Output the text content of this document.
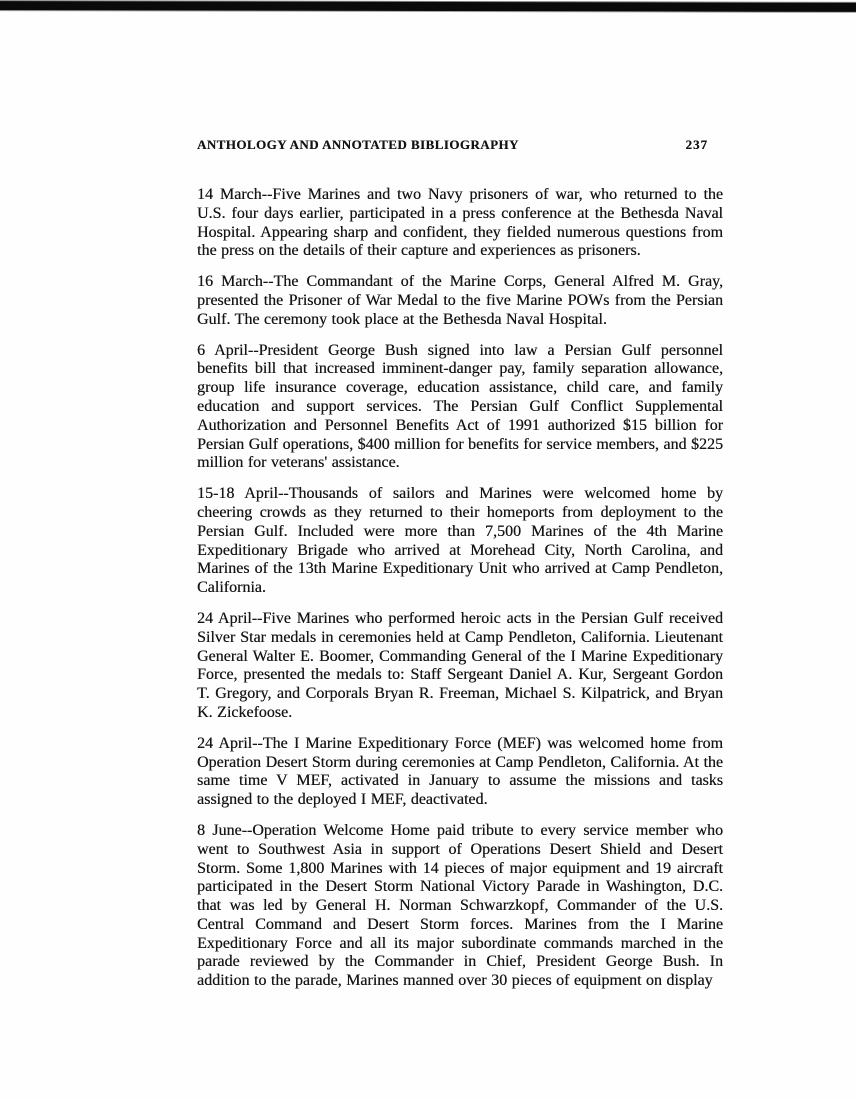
ANTHOLOGY AND ANNOTATED BIBLIOGRAPHY	237

14 March--Five Marines and two Navy prisoners of war, who returned to the U.S. four days earlier, participated in a press conference at the Bethesda Naval Hospital. Appearing sharp and confident, they fielded numerous questions from the press on the details of their capture and experiences as prisoners.

16 March--The Commandant of the Marine Corps, General Alfred M. Gray, presented the Prisoner of War Medal to the five Marine POWs from the Persian Gulf. The ceremony took place at the Bethesda Naval Hospital.

6 April--President George Bush signed into law a Persian Gulf personnel benefits bill that increased imminent-danger pay, family separation allowance, group life insurance coverage, education assistance, child care, and family education and support services. The Persian Gulf Conflict Supplemental Authorization and Personnel Benefits Act of 1991 authorized $15 billion for Persian Gulf operations, $400 million for benefits for service members, and $225 million for veterans' assistance.

15-18 April--Thousands of sailors and Marines were welcomed home by cheering crowds as they returned to their homeports from deployment to the Persian Gulf. Included were more than 7,500 Marines of the 4th Marine Expeditionary Brigade who arrived at Morehead City, North Carolina, and Marines of the 13th Marine Expeditionary Unit who arrived at Camp Pendleton, California.

24 April--Five Marines who performed heroic acts in the Persian Gulf received Silver Star medals in ceremonies held at Camp Pendleton, California. Lieutenant General Walter E. Boomer, Commanding General of the I Marine Expeditionary Force, presented the medals to: Staff Sergeant Daniel A. Kur, Sergeant Gordon T. Gregory, and Corporals Bryan R. Freeman, Michael S. Kilpatrick, and Bryan K. Zickefoose.

24 April--The I Marine Expeditionary Force (MEF) was welcomed home from Operation Desert Storm during ceremonies at Camp Pendleton, California. At the same time V MEF, activated in January to assume the missions and tasks assigned to the deployed I MEF, deactivated.

8 June--Operation Welcome Home paid tribute to every service member who went to Southwest Asia in support of Operations Desert Shield and Desert Storm. Some 1,800 Marines with 14 pieces of major equipment and 19 aircraft participated in the Desert Storm National Victory Parade in Washington, D.C. that was led by General H. Norman Schwarzkopf, Commander of the U.S. Central Command and Desert Storm forces. Marines from the I Marine Expeditionary Force and all its major subordinate commands marched in the parade reviewed by the Commander in Chief, President George Bush. In addition to the parade, Marines manned over 30 pieces of equipment on display
